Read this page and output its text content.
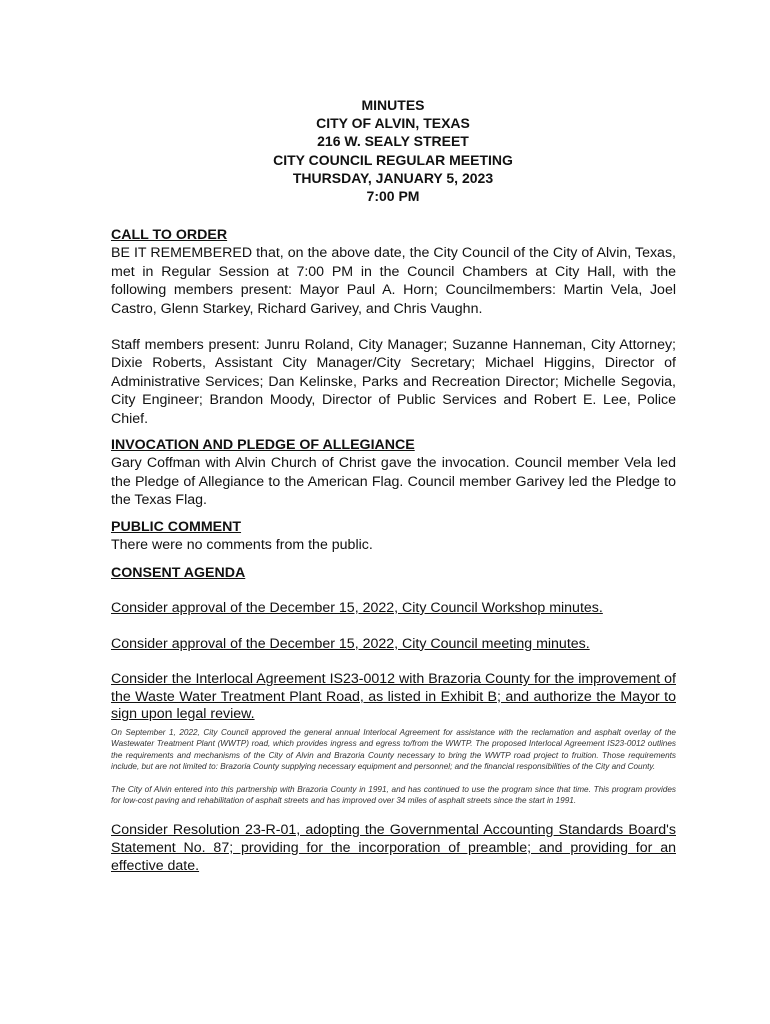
MINUTES
CITY OF ALVIN, TEXAS
216 W. SEALY STREET
CITY COUNCIL REGULAR MEETING
THURSDAY, JANUARY 5, 2023
7:00 PM

CALL TO ORDER

BE IT REMEMBERED that, on the above date, the City Council of the City of Alvin, Texas, met in Regular Session at 7:00 PM in the Council Chambers at City Hall, with the following members present: Mayor Paul A. Horn; Councilmembers: Martin Vela, Joel Castro, Glenn Starkey, Richard Garivey, and Chris Vaughn.

Staff members present: Junru Roland, City Manager; Suzanne Hanneman, City Attorney; Dixie Roberts, Assistant City Manager/City Secretary; Michael Higgins, Director of Administrative Services; Dan Kelinske, Parks and Recreation Director; Michelle Segovia, City Engineer; Brandon Moody, Director of Public Services and Robert E. Lee, Police Chief.

INVOCATION AND PLEDGE OF ALLEGIANCE

Gary Coffman with Alvin Church of Christ gave the invocation. Council member Vela led the Pledge of Allegiance to the American Flag. Council member Garivey led the Pledge to the Texas Flag.

PUBLIC COMMENT

There were no comments from the public.

CONSENT AGENDA

Consider approval of the December 15, 2022, City Council Workshop minutes.

Consider approval of the December 15, 2022, City Council meeting minutes.

Consider the Interlocal Agreement IS23-0012 with Brazoria County for the improvement of the Waste Water Treatment Plant Road, as listed in Exhibit B; and authorize the Mayor to sign upon legal review.

On September 1, 2022, City Council approved the general annual Interlocal Agreement for assistance with the reclamation and asphalt overlay of the Wastewater Treatment Plant (WWTP) road, which provides ingress and egress to/from the WWTP. The proposed Interlocal Agreement IS23-0012 outlines the requirements and mechanisms of the City of Alvin and Brazoria County necessary to bring the WWTP road project to fruition. Those requirements include, but are not limited to: Brazoria County supplying necessary equipment and personnel; and the financial responsibilities of the City and County.

The City of Alvin entered into this partnership with Brazoria County in 1991, and has continued to use the program since that time. This program provides for low-cost paving and rehabilitation of asphalt streets and has improved over 34 miles of asphalt streets since the start in 1991.

Consider Resolution 23-R-01, adopting the Governmental Accounting Standards Board's Statement No. 87; providing for the incorporation of preamble; and providing for an effective date.
